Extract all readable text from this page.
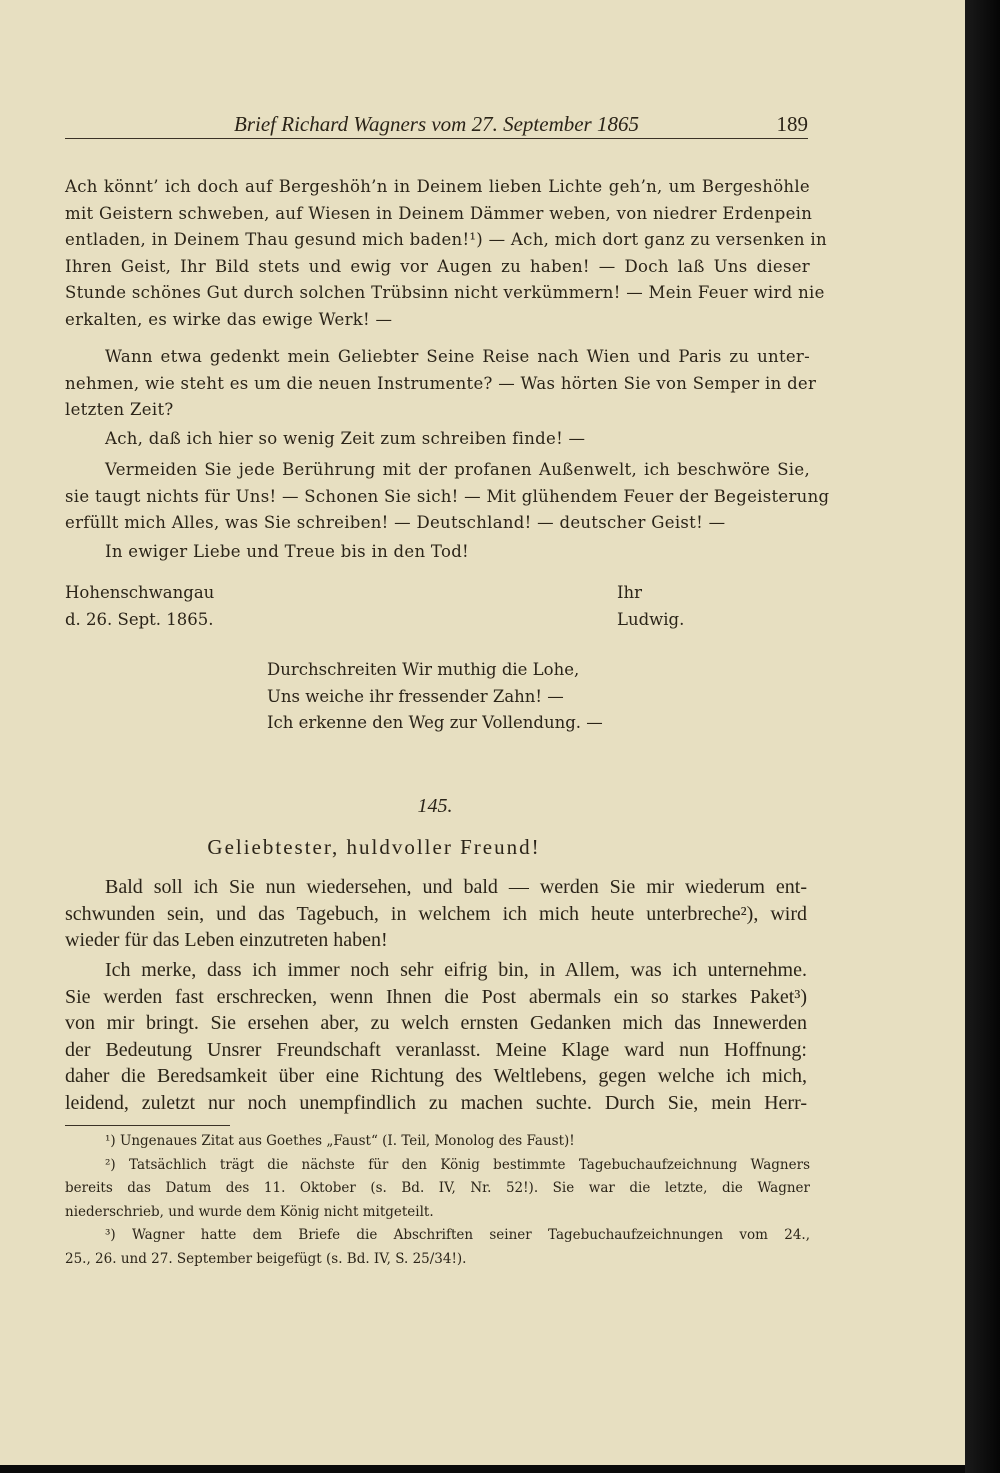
Brief Richard Wagners vom 27. September 1865	189
Ach könnt’ ich doch auf Bergeshöh’n in Deinem lieben Lichte geh’n, um Bergeshöhle
mit Geistern schweben, auf Wiesen in Deinem Dämmer weben, von niedrer Erdenpein
entladen, in Deinem Thau gesund mich baden!¹) — Ach, mich dort ganz zu versenken in
Ihren Geist, Ihr Bild stets und ewig vor Augen zu haben! — Doch laß Uns dieser
Stunde schönes Gut durch solchen Trübsinn nicht verkümmern! — Mein Feuer wird nie
erkalten, es wirke das ewige Werk! —
Wann etwa gedenkt mein Geliebter Seine Reise nach Wien und Paris zu unter-
nehmen, wie steht es um die neuen Instrumente? — Was hörten Sie von Semper in der
letzten Zeit?
Ach, daß ich hier so wenig Zeit zum schreiben finde! —
Vermeiden Sie jede Berührung mit der profanen Außenwelt, ich beschwöre Sie,
sie taugt nichts für Uns! — Schonen Sie sich! — Mit glühendem Feuer der Begeisterung
erfüllt mich Alles, was Sie schreiben! — Deutschland! — deutscher Geist! —
In ewiger Liebe und Treue bis in den Tod!
Hohenschwangau
d. 26. Sept. 1865.
Ihr
Ludwig.
Durchschreiten Wir muthig die Lohe,
Uns weiche ihr fressender Zahn! —
Ich erkenne den Weg zur Vollendung. —
145.
Geliebtester, huldvoller Freund!
Bald soll ich Sie nun wiedersehen, und bald — werden Sie mir wiederum ent-
schwunden sein, und das Tagebuch, in welchem ich mich heute unterbreche²), wird
wieder für das Leben einzutreten haben!
Ich merke, dass ich immer noch sehr eifrig bin, in Allem, was ich unternehme.
Sie werden fast erschrecken, wenn Ihnen die Post abermals ein so starkes Paket³)
von mir bringt. Sie ersehen aber, zu welch ernsten Gedanken mich das Innewerden
der Bedeutung Unsrer Freundschaft veranlasst. Meine Klage ward nun Hoffnung:
daher die Beredsamkeit über eine Richtung des Weltlebens, gegen welche ich mich,
leidend, zuletzt nur noch unempfindlich zu machen suchte. Durch Sie, mein Herr-
¹) Ungenaues Zitat aus Goethes „Faust“ (I. Teil, Monolog des Faust)!
²) Tatsächlich trägt die nächste für den König bestimmte Tagebuchaufzeichnung Wagners
bereits das Datum des 11. Oktober (s. Bd. IV, Nr. 52!). Sie war die letzte, die Wagner
niederschrieb, und wurde dem König nicht mitgeteilt.
³) Wagner hatte dem Briefe die Abschriften seiner Tagebuchaufzeichnungen vom 24.,
25., 26. und 27. September beigefügt (s. Bd. IV, S. 25/34!).
